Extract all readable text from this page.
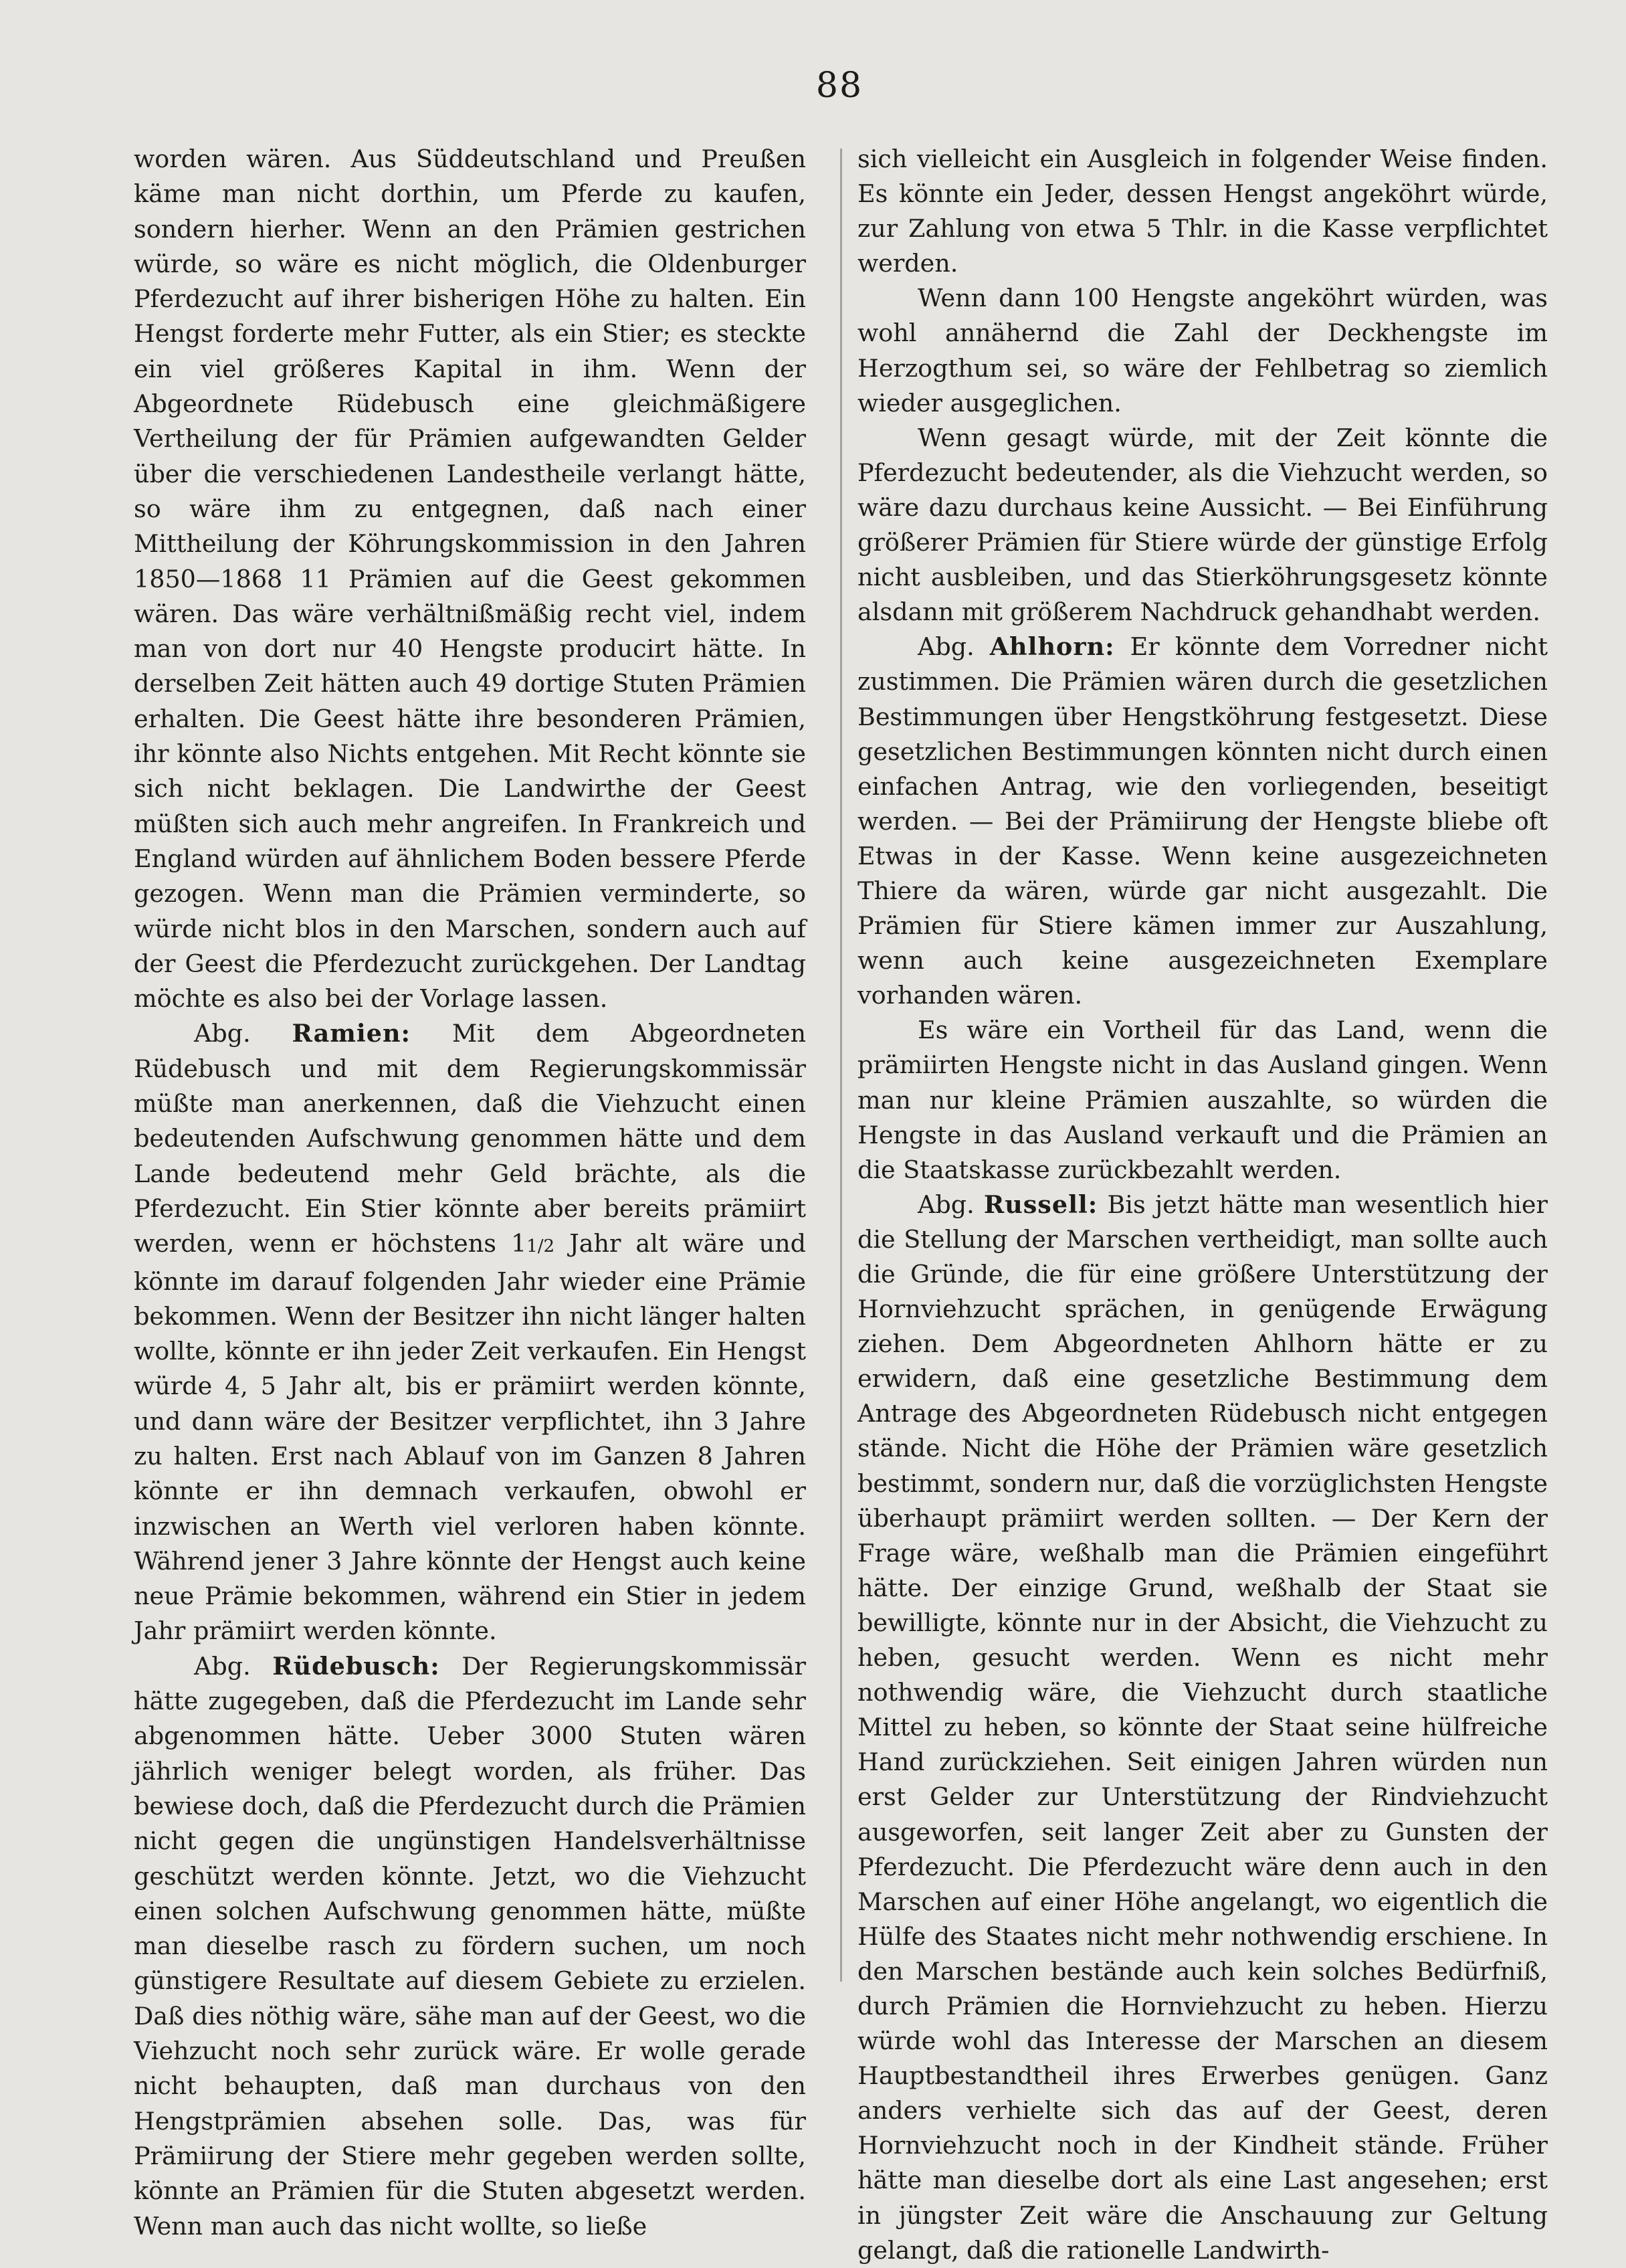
88

worden wären. Aus Süddeutschland und Preußen käme man nicht dorthin, um Pferde zu kaufen, sondern hierher. Wenn an den Prämien gestrichen würde, so wäre es nicht möglich, die Oldenburger Pferdezucht auf ihrer bisherigen Höhe zu halten. Ein Hengst forderte mehr Futter, als ein Stier; es steckte ein viel größeres Kapital in ihm. Wenn der Abgeordnete Rüdebusch eine gleichmäßigere Vertheilung der für Prämien aufgewandten Gelder über die verschiedenen Landestheile verlangt hätte, so wäre ihm zu entgegnen, daß nach einer Mittheilung der Köhrungskommission in den Jahren 1850—1868 11 Prämien auf die Geest gekommen wären. Das wäre verhältnißmäßig recht viel, indem man von dort nur 40 Hengste producirt hätte. In derselben Zeit hätten auch 49 dortige Stuten Prämien erhalten. Die Geest hätte ihre besonderen Prämien, ihr könnte also Nichts entgehen. Mit Recht könnte sie sich nicht beklagen. Die Landwirthe der Geest müßten sich auch mehr angreifen. In Frankreich und England würden auf ähnlichem Boden bessere Pferde gezogen. Wenn man die Prämien verminderte, so würde nicht blos in den Marschen, sondern auch auf der Geest die Pferdezucht zurückgehen. Der Landtag möchte es also bei der Vorlage lassen.

Abg. Ramien: Mit dem Abgeordneten Rüdebusch und mit dem Regierungskommissär müßte man anerkennen, daß die Viehzucht einen bedeutenden Aufschwung genommen hätte und dem Lande bedeutend mehr Geld brächte, als die Pferdezucht. Ein Stier könnte aber bereits prämiirt werden, wenn er höchstens 11/2 Jahr alt wäre und könnte im darauf folgenden Jahr wieder eine Prämie bekommen. Wenn der Besitzer ihn nicht länger halten wollte, könnte er ihn jeder Zeit verkaufen. Ein Hengst würde 4, 5 Jahr alt, bis er prämiirt werden könnte, und dann wäre der Besitzer verpflichtet, ihn 3 Jahre zu halten. Erst nach Ablauf von im Ganzen 8 Jahren könnte er ihn demnach verkaufen, obwohl er inzwischen an Werth viel verloren haben könnte. Während jener 3 Jahre könnte der Hengst auch keine neue Prämie bekommen, während ein Stier in jedem Jahr prämiirt werden könnte.

Abg. Rüdebusch: Der Regierungskommissär hätte zugegeben, daß die Pferdezucht im Lande sehr abgenommen hätte. Ueber 3000 Stuten wären jährlich weniger belegt worden, als früher. Das bewiese doch, daß die Pferdezucht durch die Prämien nicht gegen die ungünstigen Handelsverhältnisse geschützt werden könnte. Jetzt, wo die Viehzucht einen solchen Aufschwung genommen hätte, müßte man dieselbe rasch zu fördern suchen, um noch günstigere Resultate auf diesem Gebiete zu erzielen. Daß dies nöthig wäre, sähe man auf der Geest, wo die Viehzucht noch sehr zurück wäre. Er wolle gerade nicht behaupten, daß man durchaus von den Hengstprämien absehen solle. Das, was für Prämiirung der Stiere mehr gegeben werden sollte, könnte an Prämien für die Stuten abgesetzt werden. Wenn man auch das nicht wollte, so ließe

sich vielleicht ein Ausgleich in folgender Weise finden. Es könnte ein Jeder, dessen Hengst angeköhrt würde, zur Zahlung von etwa 5 Thlr. in die Kasse verpflichtet werden.

Wenn dann 100 Hengste angeköhrt würden, was wohl annähernd die Zahl der Deckhengste im Herzogthum sei, so wäre der Fehlbetrag so ziemlich wieder ausgeglichen.

Wenn gesagt würde, mit der Zeit könnte die Pferdezucht bedeutender, als die Viehzucht werden, so wäre dazu durchaus keine Aussicht. — Bei Einführung größerer Prämien für Stiere würde der günstige Erfolg nicht ausbleiben, und das Stierköhrungsgesetz könnte alsdann mit größerem Nachdruck gehandhabt werden.

Abg. Ahlhorn: Er könnte dem Vorredner nicht zustimmen. Die Prämien wären durch die gesetzlichen Bestimmungen über Hengstköhrung festgesetzt. Diese gesetzlichen Bestimmungen könnten nicht durch einen einfachen Antrag, wie den vorliegenden, beseitigt werden. — Bei der Prämiirung der Hengste bliebe oft Etwas in der Kasse. Wenn keine ausgezeichneten Thiere da wären, würde gar nicht ausgezahlt. Die Prämien für Stiere kämen immer zur Auszahlung, wenn auch keine ausgezeichneten Exemplare vorhanden wären.

Es wäre ein Vortheil für das Land, wenn die prämiirten Hengste nicht in das Ausland gingen. Wenn man nur kleine Prämien auszahlte, so würden die Hengste in das Ausland verkauft und die Prämien an die Staatskasse zurückbezahlt werden.

Abg. Russell: Bis jetzt hätte man wesentlich hier die Stellung der Marschen vertheidigt, man sollte auch die Gründe, die für eine größere Unterstützung der Hornviehzucht sprächen, in genügende Erwägung ziehen. Dem Abgeordneten Ahlhorn hätte er zu erwidern, daß eine gesetzliche Bestimmung dem Antrage des Abgeordneten Rüdebusch nicht entgegen stände. Nicht die Höhe der Prämien wäre gesetzlich bestimmt, sondern nur, daß die vorzüglichsten Hengste überhaupt prämiirt werden sollten. — Der Kern der Frage wäre, weßhalb man die Prämien eingeführt hätte. Der einzige Grund, weßhalb der Staat sie bewilligte, könnte nur in der Absicht, die Viehzucht zu heben, gesucht werden. Wenn es nicht mehr nothwendig wäre, die Viehzucht durch staatliche Mittel zu heben, so könnte der Staat seine hülfreiche Hand zurückziehen. Seit einigen Jahren würden nun erst Gelder zur Unterstützung der Rindviehzucht ausgeworfen, seit langer Zeit aber zu Gunsten der Pferdezucht. Die Pferdezucht wäre denn auch in den Marschen auf einer Höhe angelangt, wo eigentlich die Hülfe des Staates nicht mehr nothwendig erschiene. In den Marschen bestände auch kein solches Bedürfniß, durch Prämien die Hornviehzucht zu heben. Hierzu würde wohl das Interesse der Marschen an diesem Hauptbestandtheil ihres Erwerbes genügen. Ganz anders verhielte sich das auf der Geest, deren Hornviehzucht noch in der Kindheit stände. Früher hätte man dieselbe dort als eine Last angesehen; erst in jüngster Zeit wäre die Anschauung zur Geltung gelangt, daß die rationelle Landwirth-
